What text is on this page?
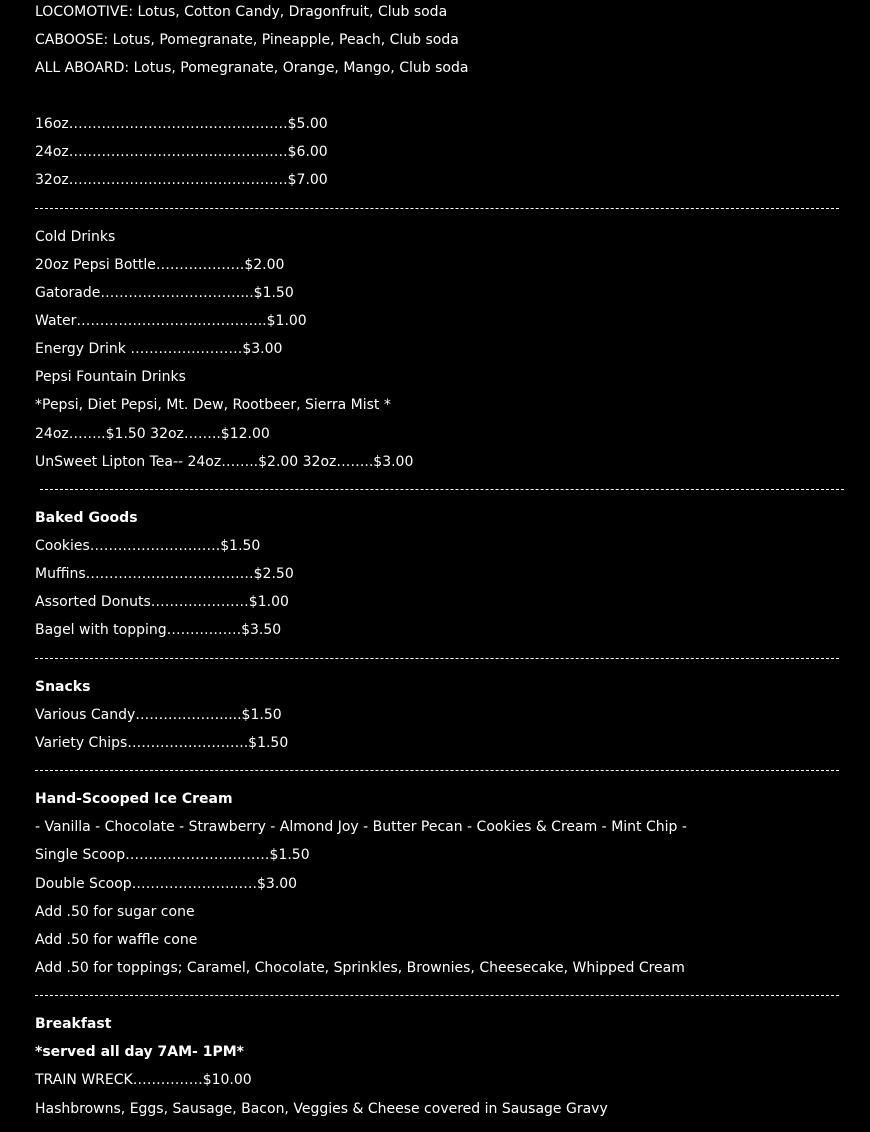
LOCOMOTIVE: Lotus, Cotton Candy, Dragonfruit, Club soda
CABOOSE: Lotus, Pomegranate, Pineapple, Peach, Club soda
ALL ABOARD: Lotus, Pomegranate, Orange, Mango, Club soda
16oz………………………….…………….$5.00
24oz………………………….…………….$6.00
32oz………………………….…………….$7.00
Cold Drinks
20oz Pepsi Bottle……………….$2.00
Gatorade…………………………...$1.50
Water……………………..…………...$1.00
Energy Drink ……………………$3.00
Pepsi Fountain Drinks
*Pepsi, Diet Pepsi, Mt. Dew, Rootbeer, Sierra Mist *
24oz……..$1.50 32oz……..$12.00
UnSweet Lipton Tea-- 24oz……..$2.00 32oz……..$3.00
Baked Goods
Cookies……………………….$1.50
Muffins………………………………$2.50
Assorted Donuts…………………$1.00
Bagel with topping…………….$3.50
Snacks
Various Candy……………….....$1.50
Variety Chips……………………..$1.50
Hand-Scooped Ice Cream
- Vanilla - Chocolate - Strawberry - Almond Joy - Butter Pecan - Cookies & Cream - Mint Chip -
Single Scoop…………………….……$1.50
Double Scoop…………………..….$3.00
Add .50 for sugar cone
Add .50 for waffle cone
Add .50 for toppings; Caramel, Chocolate, Sprinkles, Brownies, Cheesecake, Whipped Cream
Breakfast
*served all day 7AM- 1PM*
TRAIN WRECK……………$10.00
Hashbrowns, Eggs, Sausage, Bacon, Veggies & Cheese covered in Sausage Gravy
